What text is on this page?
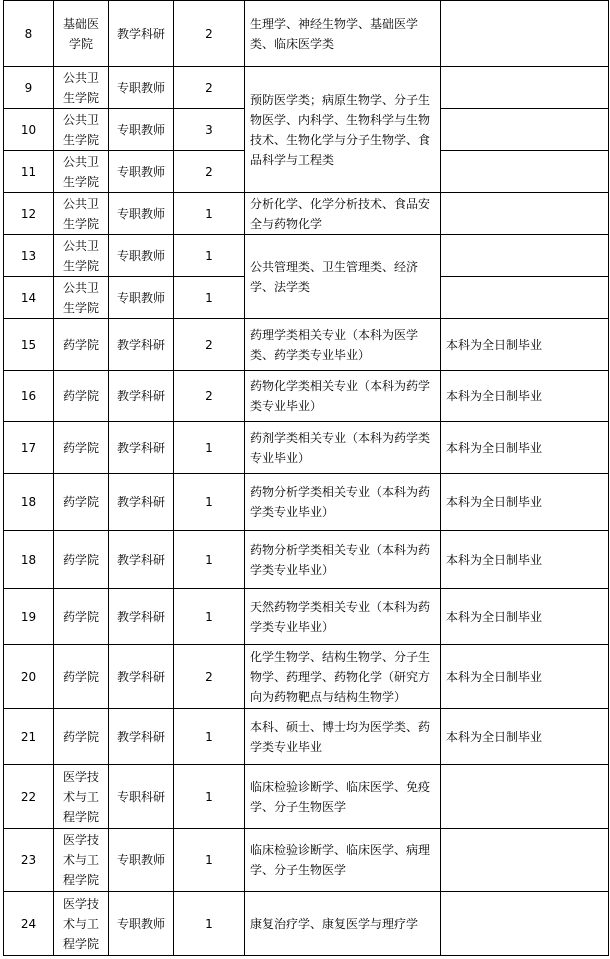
8	基础医学院	教学科研	2	生理学、神经生物学、基础医学类、临床医学类	
9	公共卫生学院	专职教师	2	预防医学类；病原生物学、分子生物医学、内科学、生物科学与生物技术、生物化学与分子生物学、食品科学与工程类	
10	公共卫生学院	专职教师	3		
11	公共卫生学院	专职教师	2		
12	公共卫生学院	专职教师	1	分析化学、化学分析技术、食品安全与药物化学	
13	公共卫生学院	专职教师	1	公共管理类、卫生管理类、经济学、法学类	
14	公共卫生学院	专职教师	1		
15	药学院	教学科研	2	药理学类相关专业（本科为医学类、药学类专业毕业）	本科为全日制毕业
16	药学院	教学科研	2	药物化学类相关专业（本科为药学类专业毕业）	本科为全日制毕业
17	药学院	教学科研	1	药剂学类相关专业（本科为药学类专业毕业）	本科为全日制毕业
18	药学院	教学科研	1	药物分析学类相关专业（本科为药学类专业毕业）	本科为全日制毕业
18	药学院	教学科研	1	药物分析学类相关专业（本科为药学类专业毕业）	本科为全日制毕业
19	药学院	教学科研	1	天然药物学类相关专业（本科为药学类专业毕业）	本科为全日制毕业
20	药学院	教学科研	2	化学生物学、结构生物学、分子生物学、药理学、药物化学（研究方向为药物靶点与结构生物学）	本科为全日制毕业
21	药学院	教学科研	1	本科、硕士、博士均为医学类、药学类专业毕业	本科为全日制毕业
22	医学技术与工程学院	专职科研	1	临床检验诊断学、临床医学、免疫学、分子生物医学	
23	医学技术与工程学院	专职教师	1	临床检验诊断学、临床医学、病理学、分子生物医学	
24	医学技术与工程学院	专职教师	1	康复治疗学、康复医学与理疗学	
